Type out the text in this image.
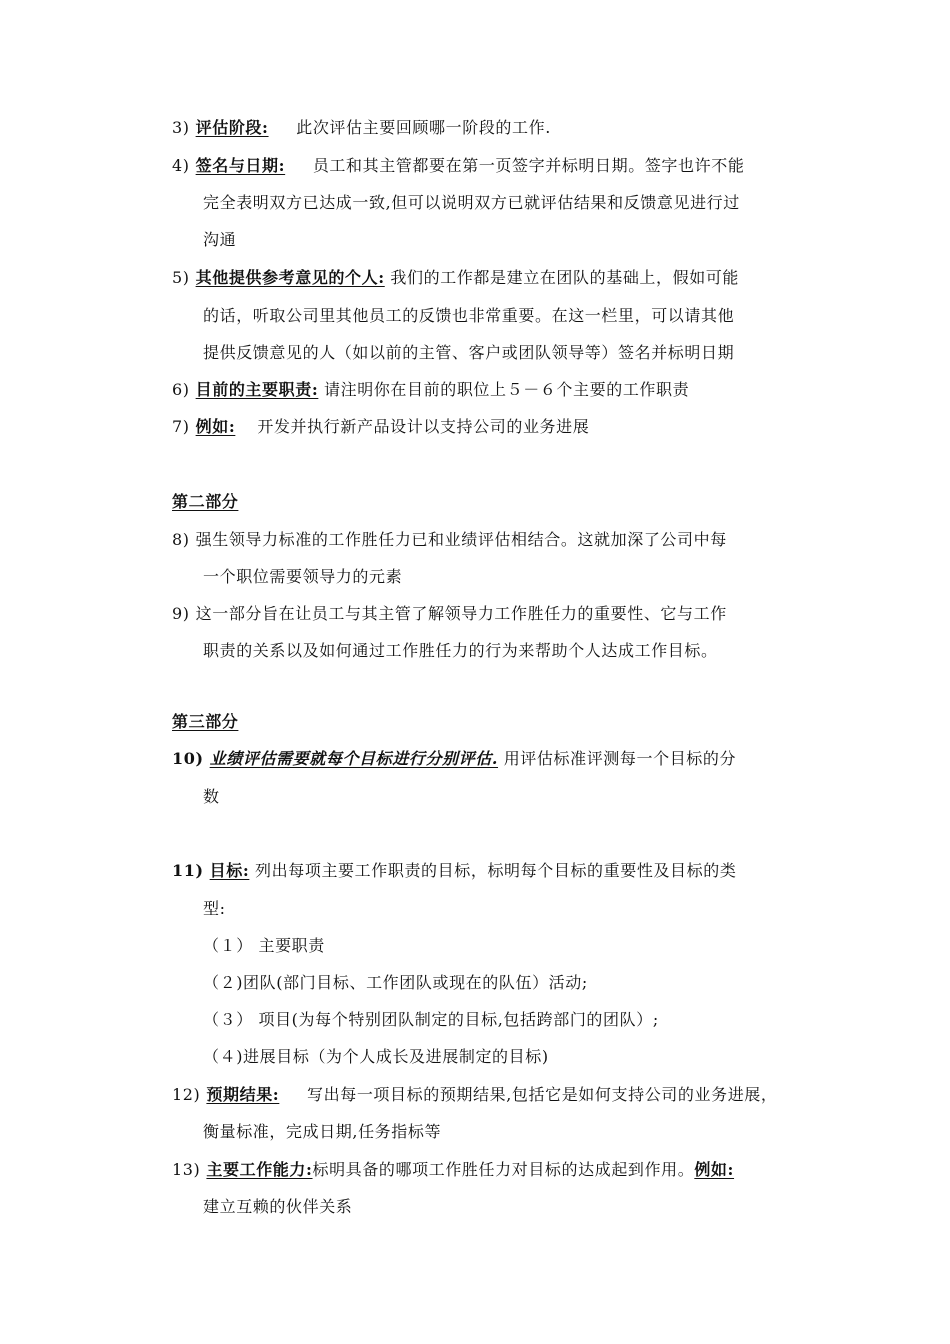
3) 评估阶段: 此次评估主要回顾哪一阶段的工作.
4) 签名与日期: 员工和其主管都要在第一页签字并标明日期。签字也许不能
完全表明双方已达成一致,但可以说明双方已就评估结果和反馈意见进行过
沟通
5) 其他提供参考意见的个人: 我们的工作都是建立在团队的基础上，假如可能
的话，听取公司里其他员工的反馈也非常重要。在这一栏里，可以请其他
提供反馈意见的人（如以前的主管、客户或团队领导等）签名并标明日期
6) 目前的主要职责: 请注明你在目前的职位上５－６个主要的工作职责
7) 例如: 开发并执行新产品设计以支持公司的业务进展
第二部分
8) 强生领导力标准的工作胜任力已和业绩评估相结合。这就加深了公司中每
一个职位需要领导力的元素
9) 这一部分旨在让员工与其主管了解领导力工作胜任力的重要性、它与工作
职责的关系以及如何通过工作胜任力的行为来帮助个人达成工作目标。
第三部分
10) 业绩评估需要就每个目标进行分别评估. 用评估标准评测每一个目标的分
数
11) 目标: 列出每项主要工作职责的目标，标明每个目标的重要性及目标的类
型:
（１） 主要职责
（２)团队(部门目标、工作团队或现在的队伍）活动;
（３） 项目(为每个特别团队制定的目标,包括跨部门的团队）;
（４)进展目标（为个人成长及进展制定的目标)
12) 预期结果: 写出每一项目标的预期结果,包括它是如何支持公司的业务进展，
衡量标准，完成日期,任务指标等
13) 主要工作能力:标明具备的哪项工作胜任力对目标的达成起到作用。例如:
建立互赖的伙伴关系
